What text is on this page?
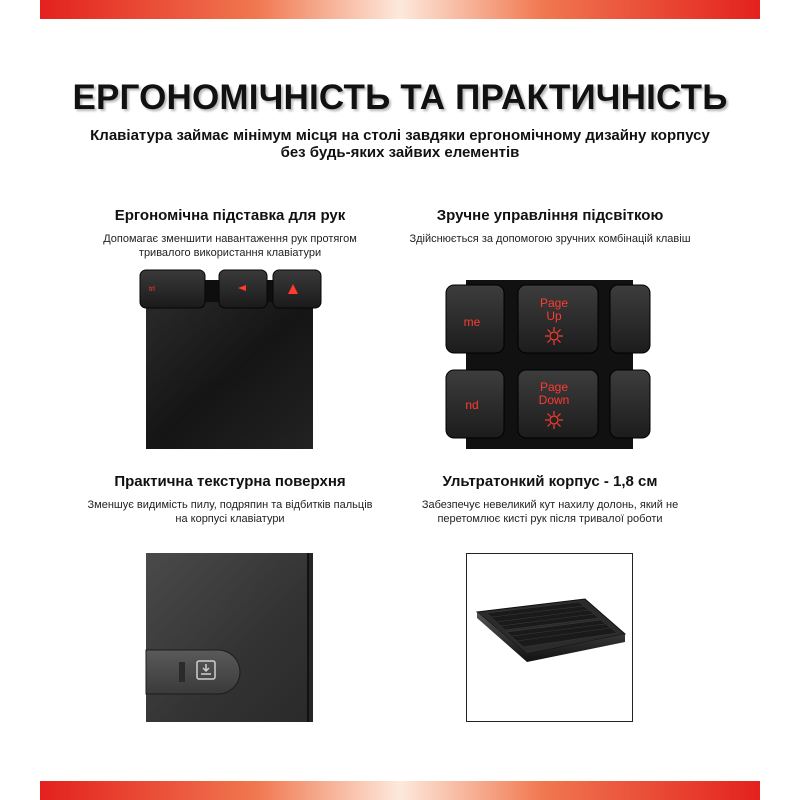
ЕРГОНОМІЧНІСТЬ ТА ПРАКТИЧНІСТЬ
Клавіатура займає мінімум місця на столі завдяки ергономічному дизайну корпусу без будь-яких зайвих елементів
Ергономічна підставка для рук

Допомагає зменшити навантаження рук протягом тривалого використання клавіатури

Зручне управління підсвіткою

Здійснюється за допомогою зручних комбінацій клавіш

Практична текстурна поверхня

Зменшує видимість пилу, подряпин та відбитків пальців на корпусі клавіатури

Ультратонкий корпус - 1,8 см

Забезпечує невеликий кут нахилу долонь, який не перетомлює кисті рук після тривалої роботи

trl
me
nd
Page
Up
Page
Down
